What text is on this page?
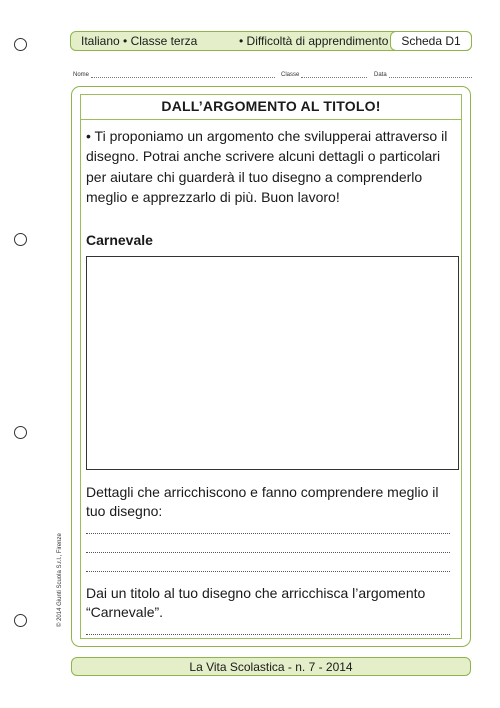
Italiano • Classe terza	• Difficoltà di apprendimento	Scheda D1
Nome	Classe	Data
DALL’ARGOMENTO AL TITOLO!
• Ti proponiamo un argomento che svilupperai attraverso il disegno. Potrai anche scrivere alcuni dettagli o particolari per aiutare chi guarderà il tuo disegno a comprenderlo meglio e apprezzarlo di più. Buon lavoro!
Carnevale
Dettagli che arricchiscono e fanno comprendere meglio il tuo disegno:
Dai un titolo al tuo disegno che arricchisca l’argomento “Carnevale”.
© 2014 Giunti Scuola S.r.l., Firenze
La Vita Scolastica - n. 7 - 2014
